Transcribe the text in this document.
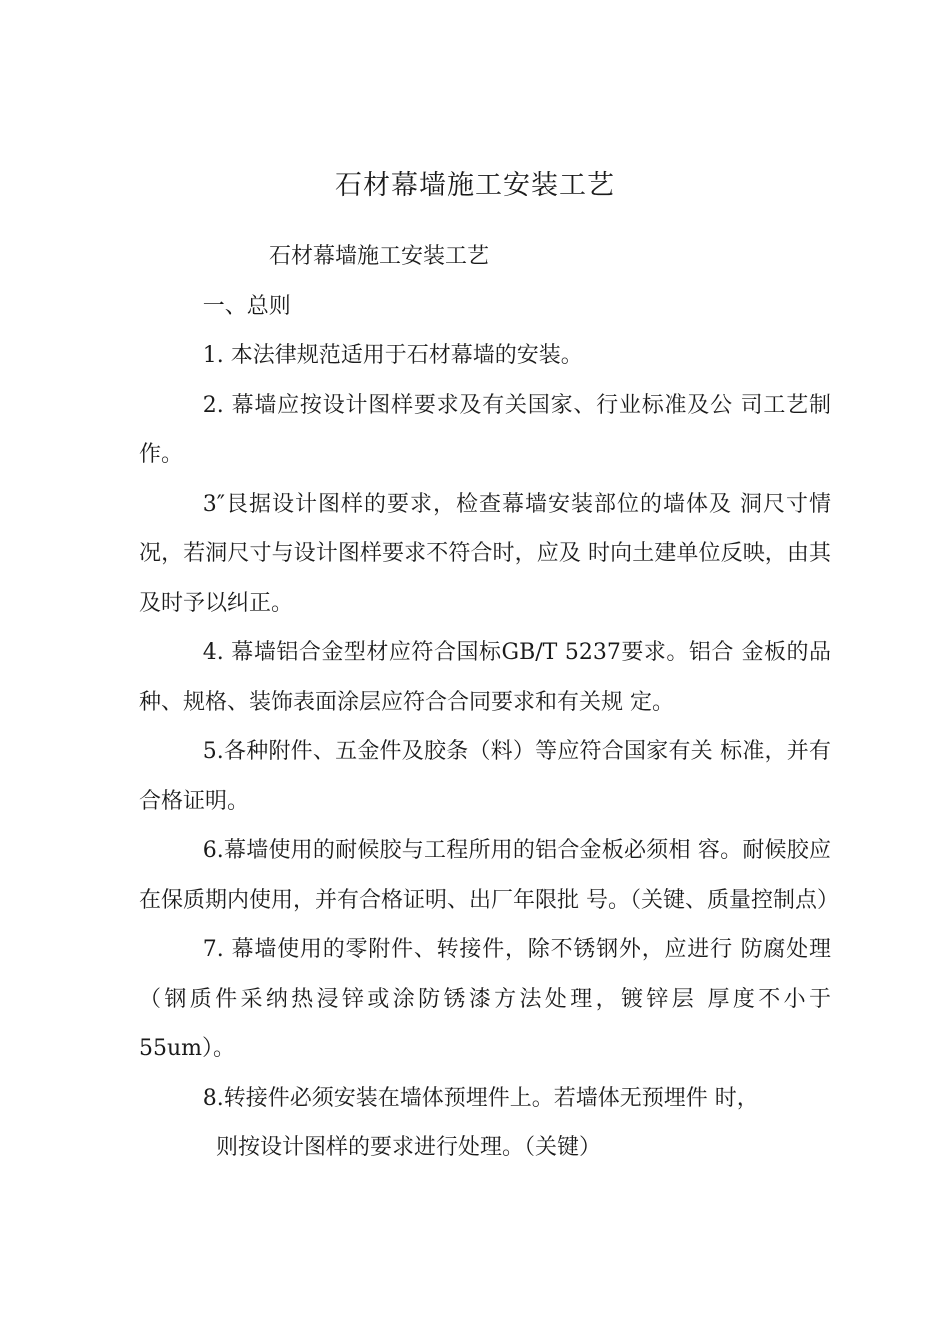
石材幕墙施工安装工艺

石材幕墙施工安装工艺

一、总则

1. 本法律规范适用于石材幕墙的安装。

2. 幕墙应按设计图样要求及有关国家、行业标准及公 司工艺制作。

3″艮据设计图样的要求，检查幕墙安装部位的墙体及 洞尺寸情况，若洞尺寸与设计图样要求不符合时，应及 时向土建单位反映，由其及时予以纠正。

4. 幕墙铝合金型材应符合国标GB/T 5237要求。铝合 金板的品种、规格、装饰表面涂层应符合合同要求和有关规 定。

5.各种附件、五金件及胶条（料）等应符合国家有关 标准，并有合格证明。

6.幕墙使用的耐候胶与工程所用的铝合金板必须相 容。耐候胶应在保质期内使用，并有合格证明、出厂年限批 号。（关键、质量控制点）

7. 幕墙使用的零附件、转接件，除不锈钢外，应进行 防腐处理（钢质件采纳热浸锌或涂防锈漆方法处理，镀锌层 厚度不小于55um）。

8.转接件必须安装在墙体预埋件上。若墙体无预埋件 时，

则按设计图样的要求进行处理。（关键）
